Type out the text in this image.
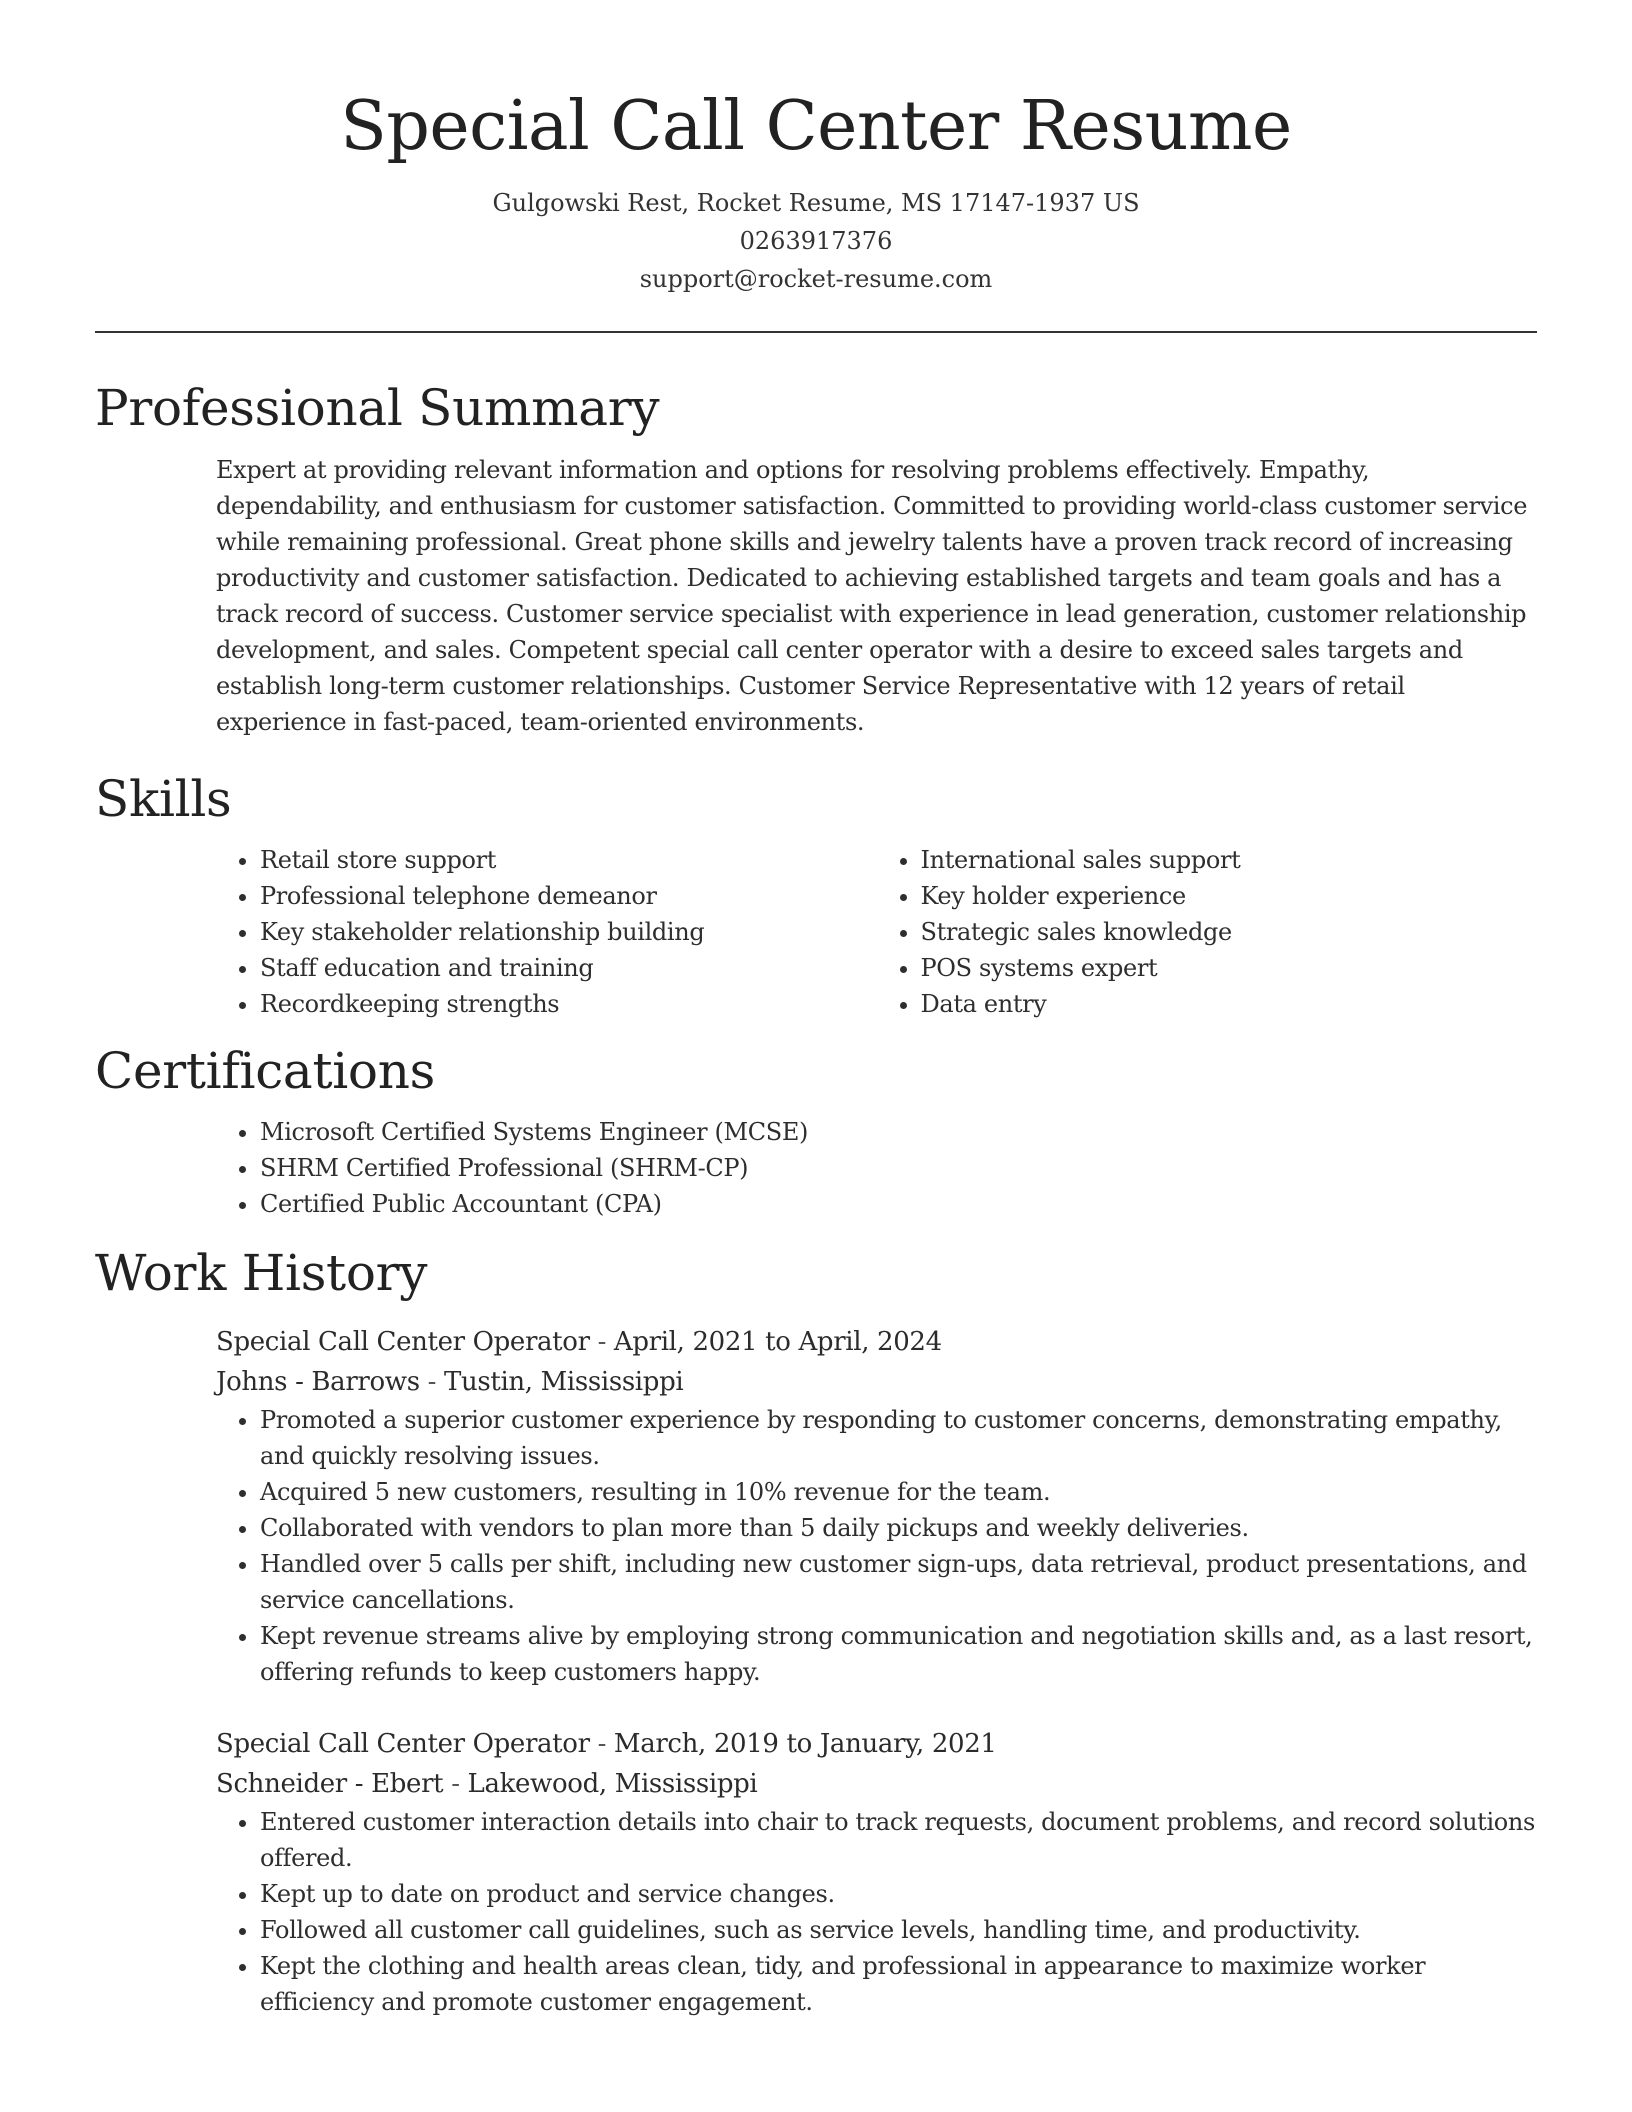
Special Call Center Resume
Gulgowski Rest, Rocket Resume, MS 17147-1937 US
0263917376
support@rocket-resume.com
Professional Summary

Expert at providing relevant information and options for resolving problems effectively. Empathy, dependability, and enthusiasm for customer satisfaction. Committed to providing world-class customer service while remaining professional. Great phone skills and jewelry talents have a proven track record of increasing productivity and customer satisfaction. Dedicated to achieving established targets and team goals and has a track record of success. Customer service specialist with experience in lead generation, customer relationship development, and sales. Competent special call center operator with a desire to exceed sales targets and establish long-term customer relationships. Customer Service Representative with 12 years of retail experience in fast-paced, team-oriented environments.

Skills
• Retail store support
• Professional telephone demeanor
• Key stakeholder relationship building
• Staff education and training
• Recordkeeping strengths
• International sales support
• Key holder experience
• Strategic sales knowledge
• POS systems expert
• Data entry
Certifications
• Microsoft Certified Systems Engineer (MCSE)
• SHRM Certified Professional (SHRM-CP)
• Certified Public Accountant (CPA)
Work History
Special Call Center Operator - April, 2021 to April, 2024
Johns - Barrows - Tustin, Mississippi
• Promoted a superior customer experience by responding to customer concerns, demonstrating empathy, and quickly resolving issues.
• Acquired 5 new customers, resulting in 10% revenue for the team.
• Collaborated with vendors to plan more than 5 daily pickups and weekly deliveries.
• Handled over 5 calls per shift, including new customer sign-ups, data retrieval, product presentations, and service cancellations.
• Kept revenue streams alive by employing strong communication and negotiation skills and, as a last resort, offering refunds to keep customers happy.
Special Call Center Operator - March, 2019 to January, 2021
Schneider - Ebert - Lakewood, Mississippi
• Entered customer interaction details into chair to track requests, document problems, and record solutions offered.
• Kept up to date on product and service changes.
• Followed all customer call guidelines, such as service levels, handling time, and productivity.
• Kept the clothing and health areas clean, tidy, and professional in appearance to maximize worker efficiency and promote customer engagement.
